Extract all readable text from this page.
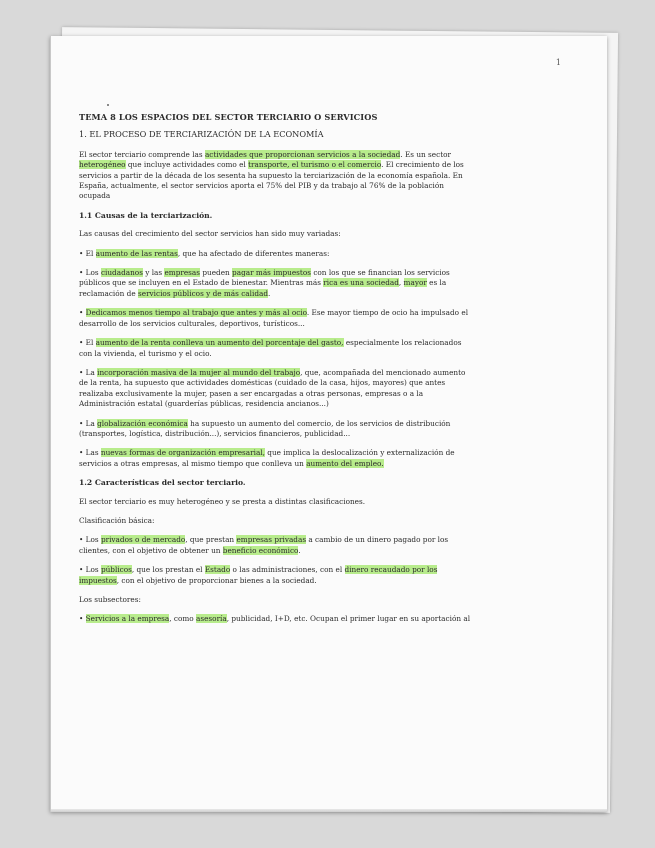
1
TEMA 8 LOS ESPACIOS DEL SECTOR TERCIARIO O SERVICIOS
1. EL PROCESO DE TERCIARIZACIÓN DE LA ECONOMÍA

El sector terciario comprende las actividades que proporcionan servicios a la sociedad. Es un sector heterogéneo que incluye actividades como el transporte, el turismo o el comercio. El crecimiento de los servicios a partir de la década de los sesenta ha supuesto la terciarización de la economía española. En España, actualmente, el sector servicios aporta el 75% del PIB y da trabajo al 76% de la población ocupada

1.1 Causas de la terciarización.

Las causas del crecimiento del sector servicios han sido muy variadas:

• El aumento de las rentas, que ha afectado de diferentes maneras:

• Los ciudadanos y las empresas pueden pagar más impuestos con los que se financian los servicios públicos que se incluyen en el Estado de bienestar. Mientras más rica es una sociedad, mayor es la reclamación de servicios públicos y de más calidad.

• Dedicamos menos tiempo al trabajo que antes y más al ocio. Ese mayor tiempo de ocio ha impulsado el desarrollo de los servicios culturales, deportivos, turísticos...

• El aumento de la renta conlleva un aumento del porcentaje del gasto, especialmente los relacionados con la vivienda, el turismo y el ocio.

• La incorporación masiva de la mujer al mundo del trabajo, que, acompañada del mencionado aumento de la renta, ha supuesto que actividades domésticas (cuidado de la casa, hijos, mayores) que antes realizaba exclusivamente la mujer, pasen a ser encargadas a otras personas, empresas o a la Administración estatal (guarderías públicas, residencia ancianos...)

• La globalización económica ha supuesto un aumento del comercio, de los servicios de distribución (transportes, logística, distribución...), servicios financieros, publicidad...

• Las nuevas formas de organización empresarial, que implica la deslocalización y externalización de servicios a otras empresas, al mismo tiempo que conlleva un aumento del empleo.

1.2 Características del sector terciario.

El sector terciario es muy heterogéneo y se presta a distintas clasificaciones.

Clasificación básica:

• Los privados o de mercado, que prestan empresas privadas a cambio de un dinero pagado por los clientes, con el objetivo de obtener un beneficio económico.

• Los públicos, que los prestan el Estado o las administraciones, con el dinero recaudado por los impuestos, con el objetivo de proporcionar bienes a la sociedad.

Los subsectores:

• Servicios a la empresa, como asesoría, publicidad, I+D, etc. Ocupan el primer lugar en su aportación al
